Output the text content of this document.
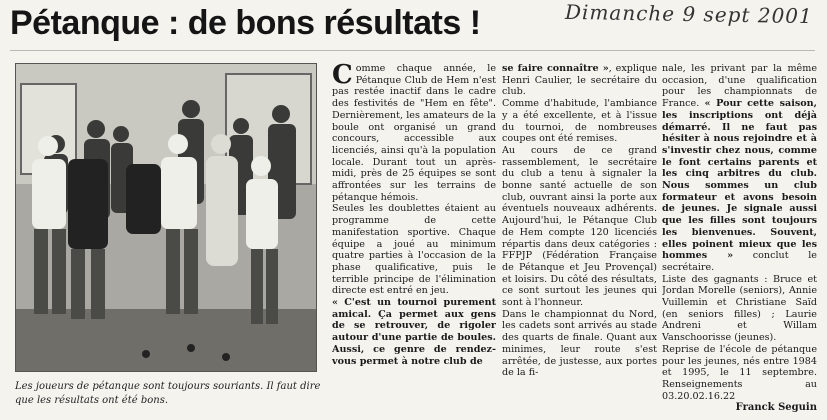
Pétanque : de bons résultats !	Dimanche 9 sept 2001
Les joueurs de pétanque sont toujours souriants. Il faut dire que les résultats ont été bons.

Comme chaque année, le Pétanque Club de Hem n'est pas restée inactif dans le cadre des festivités de "Hem en fête". Dernièrement, les amateurs de la boule ont organisé un grand concours, accessible aux licenciés, ainsi qu'à la population locale. Durant tout un après-midi, près de 25 équipes se sont affrontées sur les terrains de pétanque hémois.

Seules les doublettes étaient au programme de cette manifestation sportive. Chaque équipe a joué au minimum quatre parties à l'occasion de la phase qualificative, puis le terrible principe de l'élimination directe est entré en jeu.

« C'est un tournoi purement amical. Ça permet aux gens de se retrouver, de rigoler autour d'une partie de boules. Aussi, ce genre de rendez-vous permet à notre club de

se faire connaître », explique Henri Caulier, le secrétaire du club.

Comme d'habitude, l'ambiance y a été excellente, et à l'issue du tournoi, de nombreuses coupes ont été remises.

Au cours de ce grand rassemblement, le secrétaire du club a tenu à signaler la bonne santé actuelle de son club, ouvrant ainsi la porte aux éventuels nouveaux adhérents. Aujourd'hui, le Pétanque Club de Hem compte 120 licenciés répartis dans deux catégories : FFPJP (Fédération Française de Pétanque et Jeu Provençal) et loisirs. Du côté des résultats, ce sont surtout les jeunes qui sont à l'honneur.

Dans le championnat du Nord, les cadets sont arrivés au stade des quarts de finale. Quant aux minimes, leur route s'est arrêtée, de justesse, aux portes de la fi-

nale, les privant par la même occasion, d'une qualification pour les championnats de France. « Pour cette saison, les inscriptions ont déjà démarré. Il ne faut pas hésiter à nous rejoindre et à s'investir chez nous, comme le font certains parents et les cinq arbitres du club. Nous sommes un club formateur et avons besoin de jeunes. Je signale aussi que les filles sont toujours les bienvenues. Souvent, elles poinent mieux que les hommes » conclut le secrétaire.

Liste des gagnants : Bruce et Jordan Morelle (seniors), Annie Vuillemin et Christiane Saïd (en seniors filles) ; Laurie Andreni et Willam Vanschoorisse (jeunes).

Reprise de l'école de pétanque pour les jeunes, nés entre 1984 et 1995, le 11 septembre. Renseignements au 03.20.02.16.22

Franck Seguin
